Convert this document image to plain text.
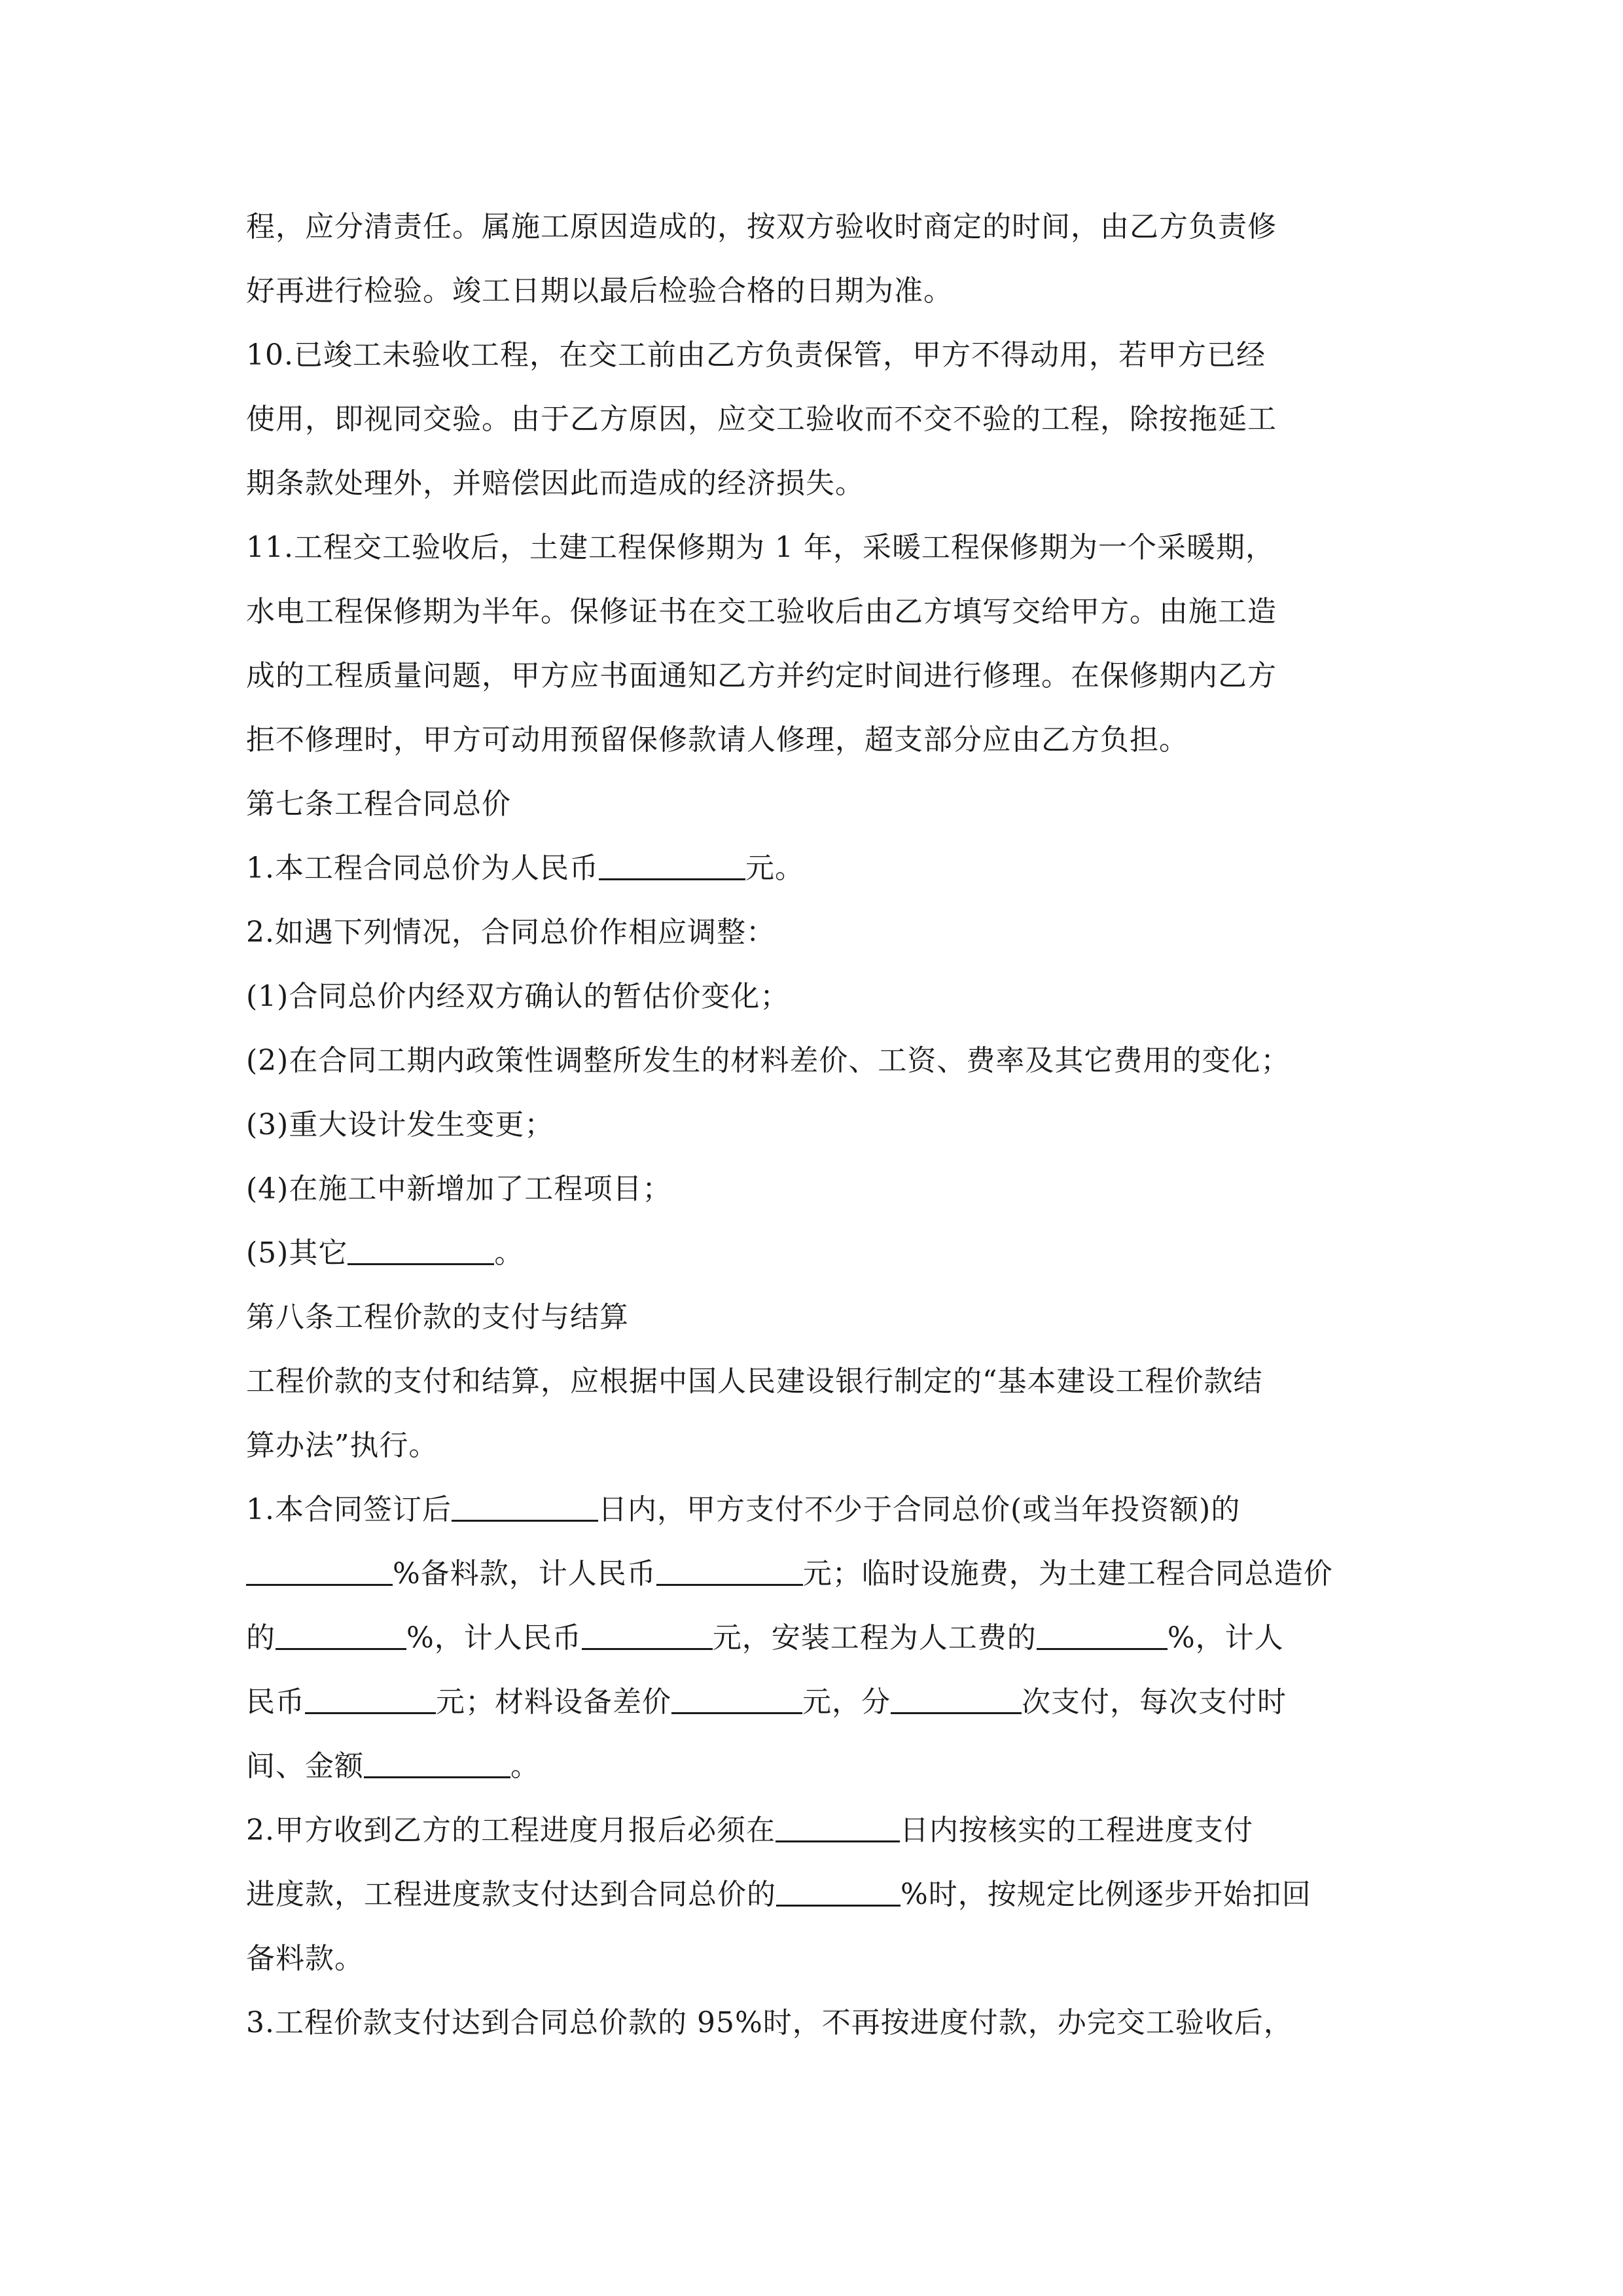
程，应分清责任。属施工原因造成的，按双方验收时商定的时间，由乙方负责修

好再进行检验。竣工日期以最后检验合格的日期为准。

10.已竣工未验收工程，在交工前由乙方负责保管，甲方不得动用，若甲方已经

使用，即视同交验。由于乙方原因，应交工验收而不交不验的工程，除按拖延工

期条款处理外，并赔偿因此而造成的经济损失。

11.工程交工验收后，土建工程保修期为 1 年，采暖工程保修期为一个采暖期，

水电工程保修期为半年。保修证书在交工验收后由乙方填写交给甲方。由施工造

成的工程质量问题，甲方应书面通知乙方并约定时间进行修理。在保修期内乙方

拒不修理时，甲方可动用预留保修款请人修理，超支部分应由乙方负担。

第七条工程合同总价

1.本工程合同总价为人民币	元。

2.如遇下列情况，合同总价作相应调整：

(1)合同总价内经双方确认的暂估价变化；

(2)在合同工期内政策性调整所发生的材料差价、工资、费率及其它费用的变化；

(3)重大设计发生变更；

(4)在施工中新增加了工程项目；

(5)其它	。

第八条工程价款的支付与结算

工程价款的支付和结算，应根据中国人民建设银行制定的“基本建设工程价款结

算办法”执行。

1.本合同签订后	日内，甲方支付不少于合同总价(或当年投资额)的

%备料款，计人民币	元；临时设施费，为土建工程合同总造价

的	%，计人民币	元，安装工程为人工费的	%，计人

民币	元；材料设备差价	元，分	次支付，每次支付时

间、金额	。

2.甲方收到乙方的工程进度月报后必须在	日内按核实的工程进度支付

进度款，工程进度款支付达到合同总价的	%时，按规定比例逐步开始扣回

备料款。

3.工程价款支付达到合同总价款的 95%时，不再按进度付款，办完交工验收后，
